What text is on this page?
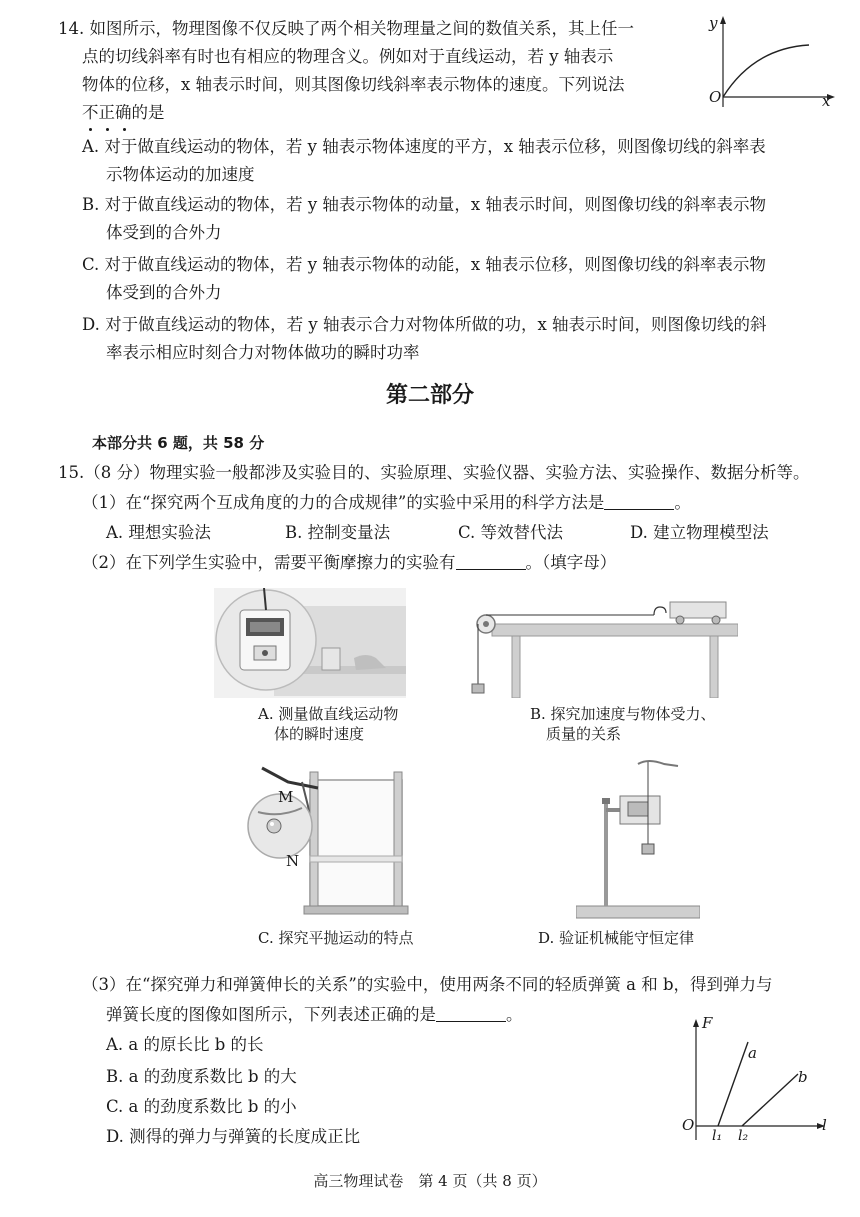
14. 如图所示，物理图像不仅反映了两个相关物理量之间的数值关系，其上任一
点的切线斜率有时也有相应的物理含义。例如对于直线运动，若 y 轴表示
物体的位移，x 轴表示时间，则其图像切线斜率表示物体的速度。下列说法
不正确的是
y
x
O
A. 对于做直线运动的物体，若 y 轴表示物体速度的平方，x 轴表示位移，则图像切线的斜率表
示物体运动的加速度
B. 对于做直线运动的物体，若 y 轴表示物体的动量，x 轴表示时间，则图像切线的斜率表示物
体受到的合外力
C. 对于做直线运动的物体，若 y 轴表示物体的动能，x 轴表示位移，则图像切线的斜率表示物
体受到的合外力
D. 对于做直线运动的物体，若 y 轴表示合力对物体所做的功，x 轴表示时间，则图像切线的斜
率表示相应时刻合力对物体做功的瞬时功率
第二部分
本部分共 6 题，共 58 分
15.（8 分）物理实验一般都涉及实验目的、实验原理、实验仪器、实验方法、实验操作、数据分析等。
（1）在“探究两个互成角度的力的合成规律”的实验中采用的科学方法是	。
A. 理想实验法	B. 控制变量法	C. 等效替代法	D. 建立物理模型法
（2）在下列学生实验中，需要平衡摩擦力的实验有	。（填字母）
A. 测量做直线运动物
体的瞬时速度
B. 探究加速度与物体受力、
质量的关系
M
N
C. 探究平抛运动的特点	D. 验证机械能守恒定律
（3）在“探究弹力和弹簧伸长的关系”的实验中，使用两条不同的轻质弹簧 a 和 b，得到弹力与
弹簧长度的图像如图所示，下列表述正确的是	。
A. a 的原长比 b 的长
B. a 的劲度系数比 b 的大
C. a 的劲度系数比 b 的小
D. 测得的弹力与弹簧的长度成正比
F
l
O
a
b
l₁ l₂
高三物理试卷　第 4 页（共 8 页）
